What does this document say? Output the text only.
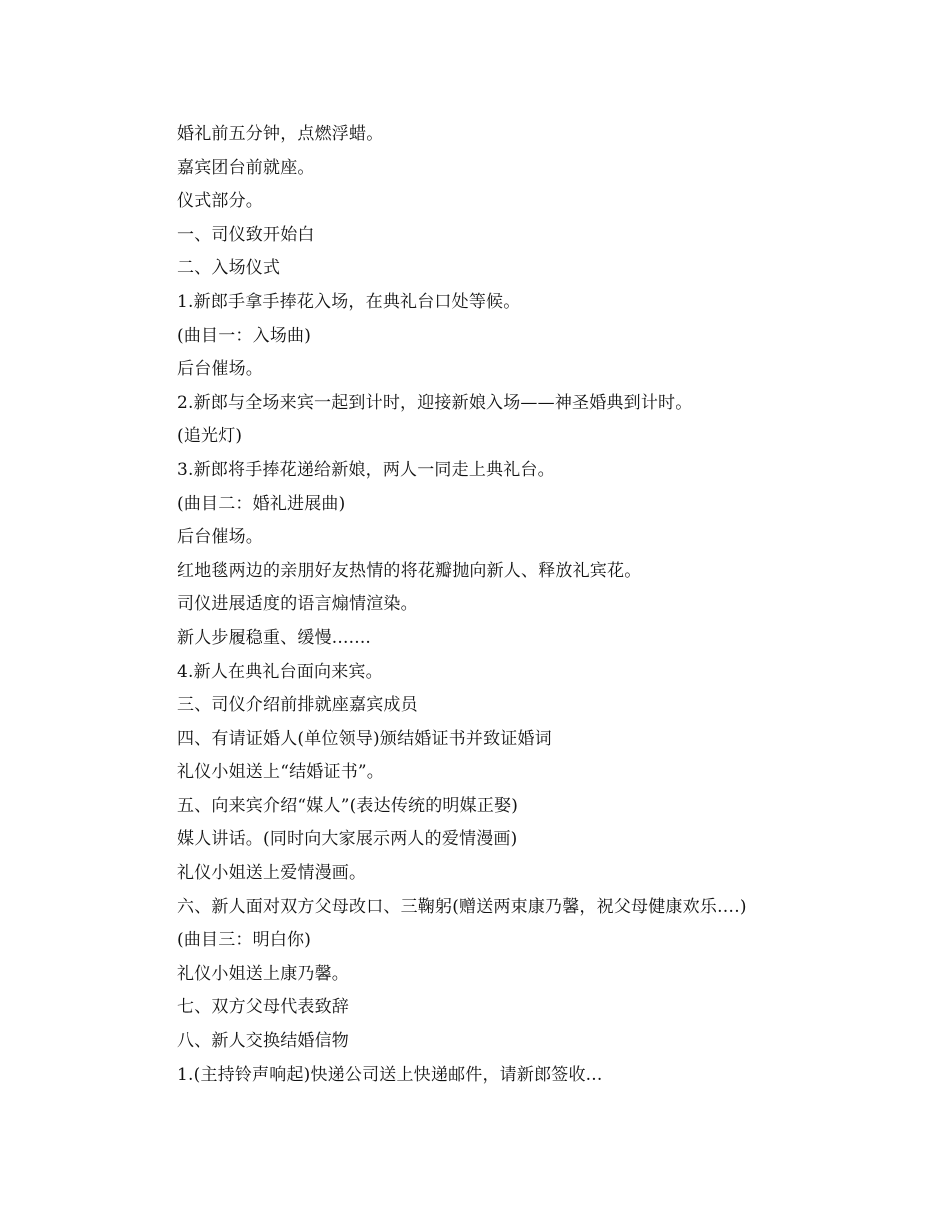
婚礼前五分钟，点燃浮蜡。
嘉宾团台前就座。
仪式部分。
一、司仪致开始白
二、入场仪式
1.新郎手拿手捧花入场，在典礼台口处等候。
(曲目一：入场曲)
后台催场。
2.新郎与全场来宾一起到计时，迎接新娘入场——神圣婚典到计时。
(追光灯)
3.新郎将手捧花递给新娘，两人一同走上典礼台。
(曲目二：婚礼进展曲)
后台催场。
红地毯两边的亲朋好友热情的将花瓣抛向新人、释放礼宾花。
司仪进展适度的语言煽情渲染。
新人步履稳重、缓慢.......
4.新人在典礼台面向来宾。
三、司仪介绍前排就座嘉宾成员
四、有请证婚人(单位领导)颁结婚证书并致证婚词
礼仪小姐送上“结婚证书”。
五、向来宾介绍“媒人”(表达传统的明媒正娶)
媒人讲话。(同时向大家展示两人的爱情漫画)
礼仪小姐送上爱情漫画。
六、新人面对双方父母改口、三鞠躬(赠送两束康乃馨，祝父母健康欢乐….)
(曲目三：明白你)
礼仪小姐送上康乃馨。
七、双方父母代表致辞
八、新人交换结婚信物
1.(主持铃声响起)快递公司送上快递邮件，请新郎签收...
